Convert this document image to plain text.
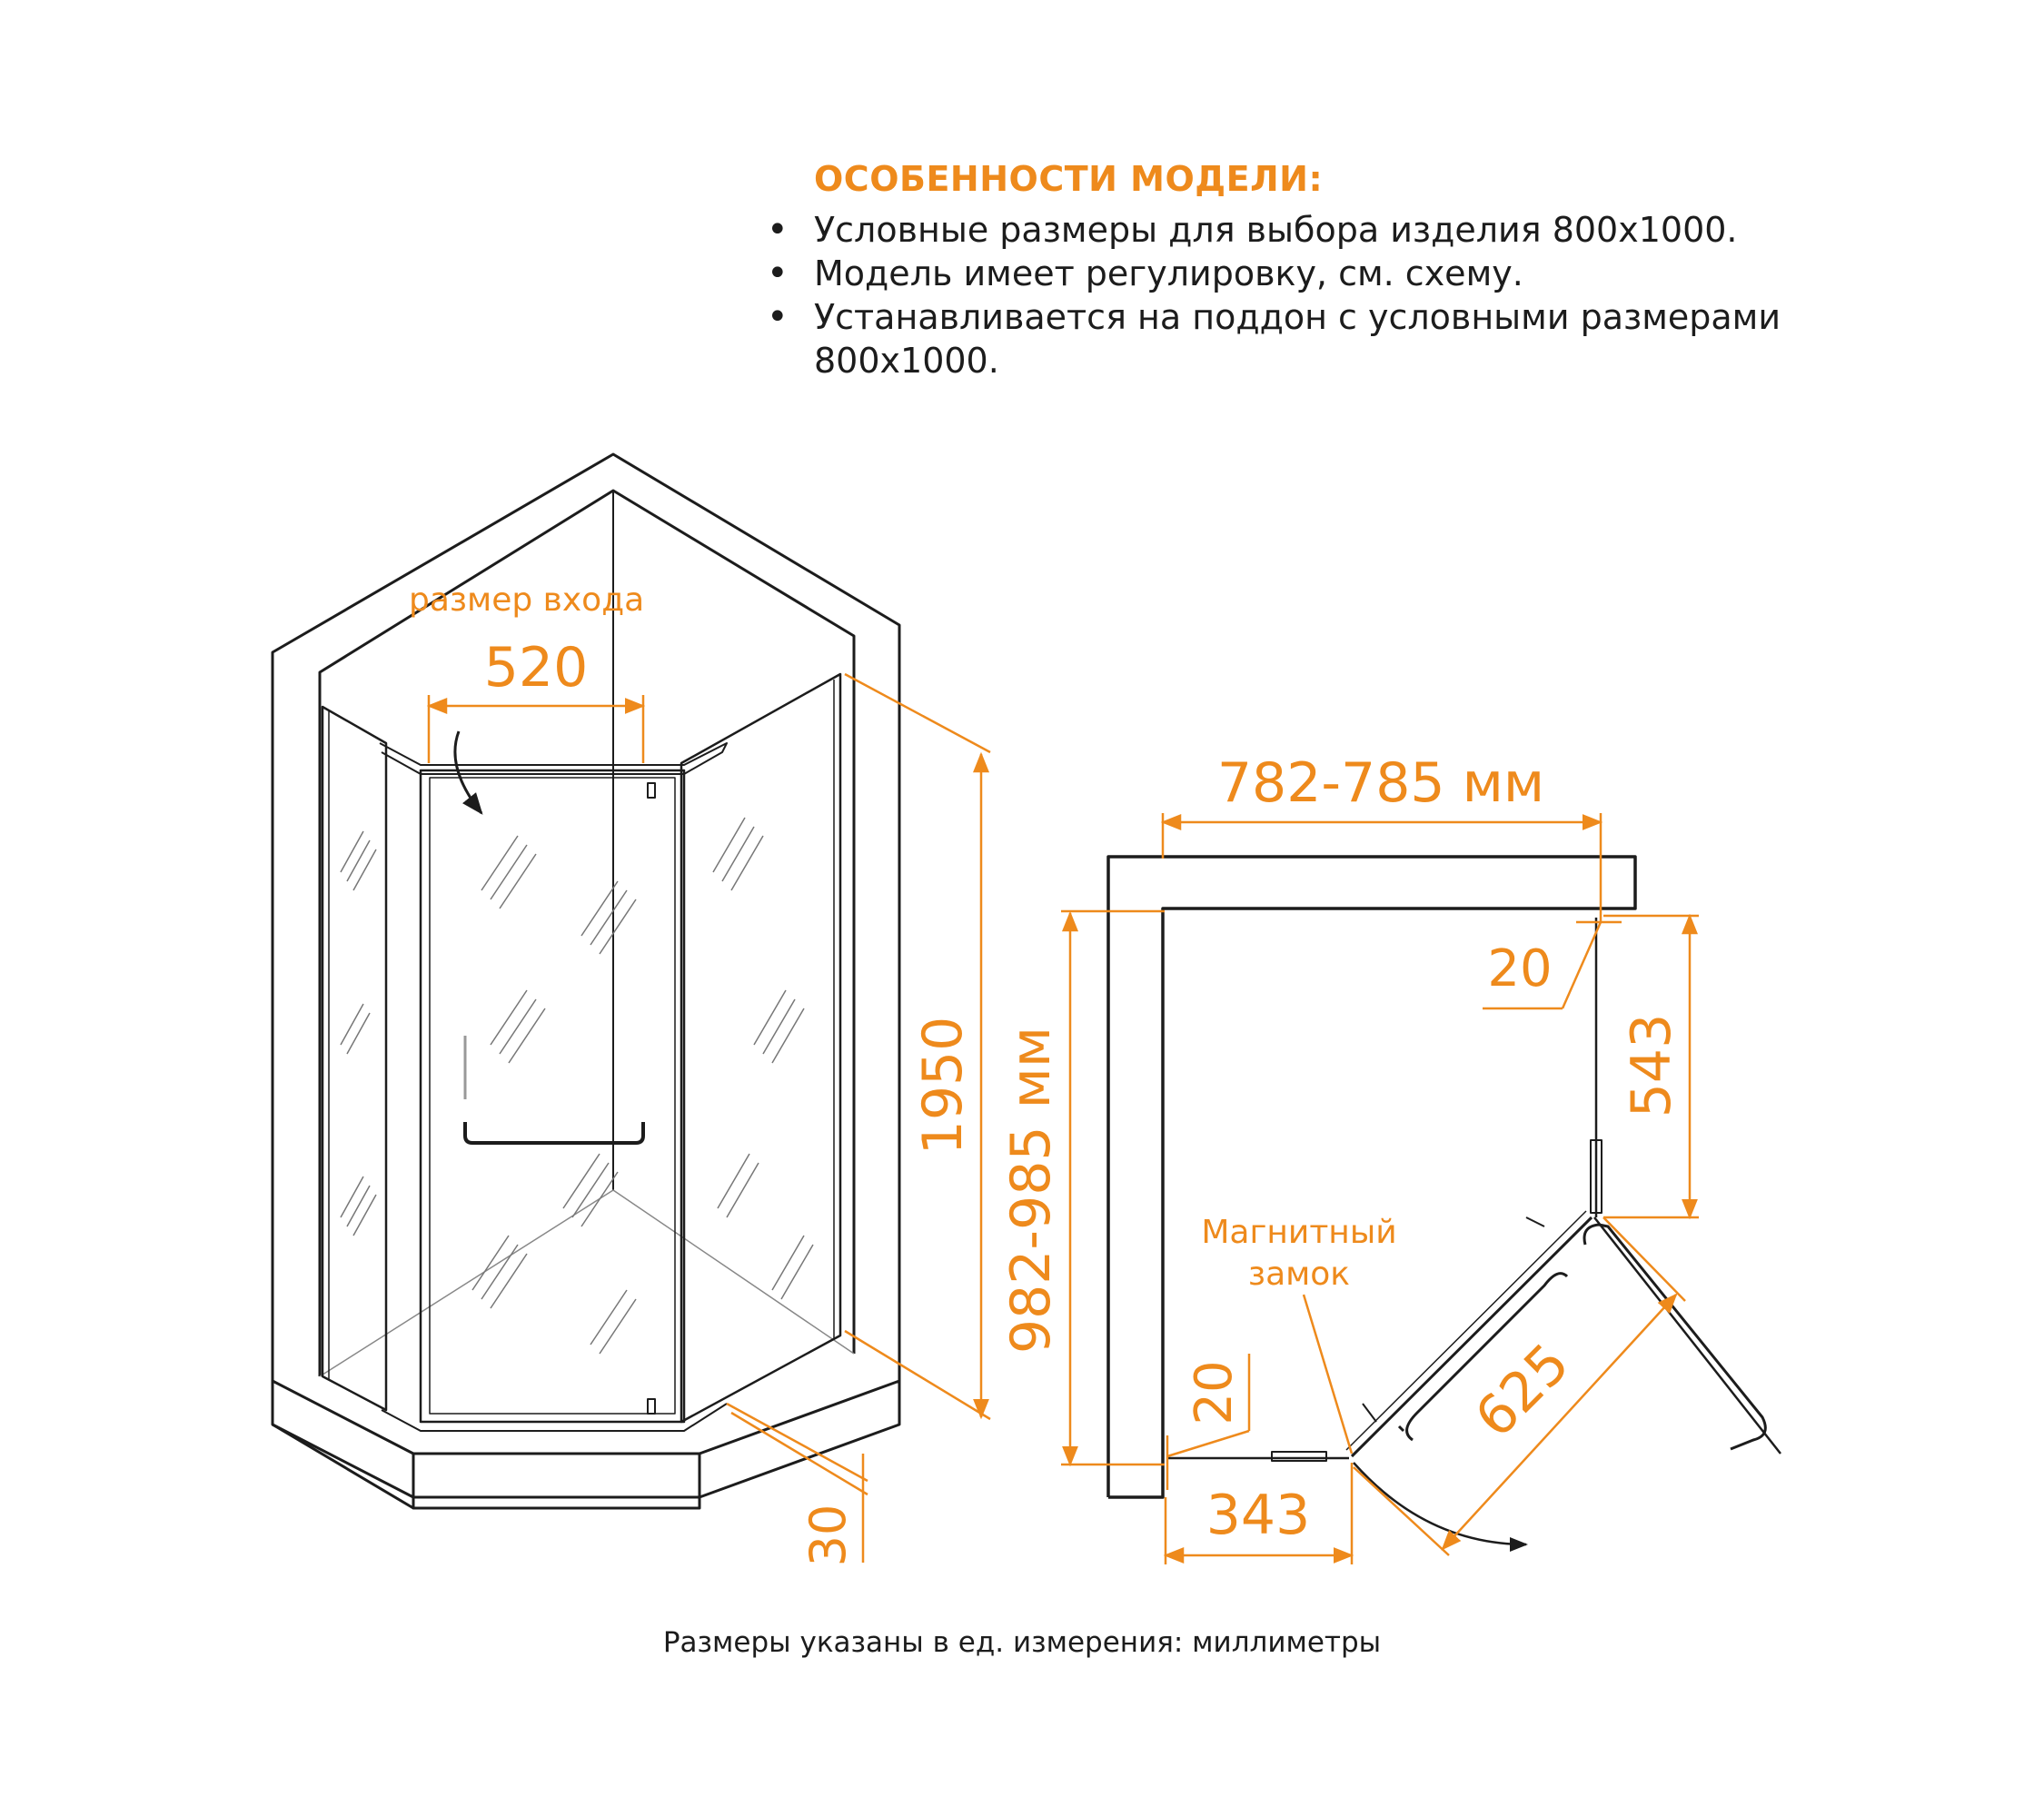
ОСОБЕННОСТИ МОДЕЛИ:
• Условные размеры для выбора изделия 800x1000.
• Модель имеет регулировку, см. схему.
• Устанавливается на поддон с условными размерами 800x1000.
размер входа
520
1950
30
782-785 мм
982-985 мм
20
543
20
343
625
Магнитный
замок
Размеры указаны в ед. измерения: миллиметры
